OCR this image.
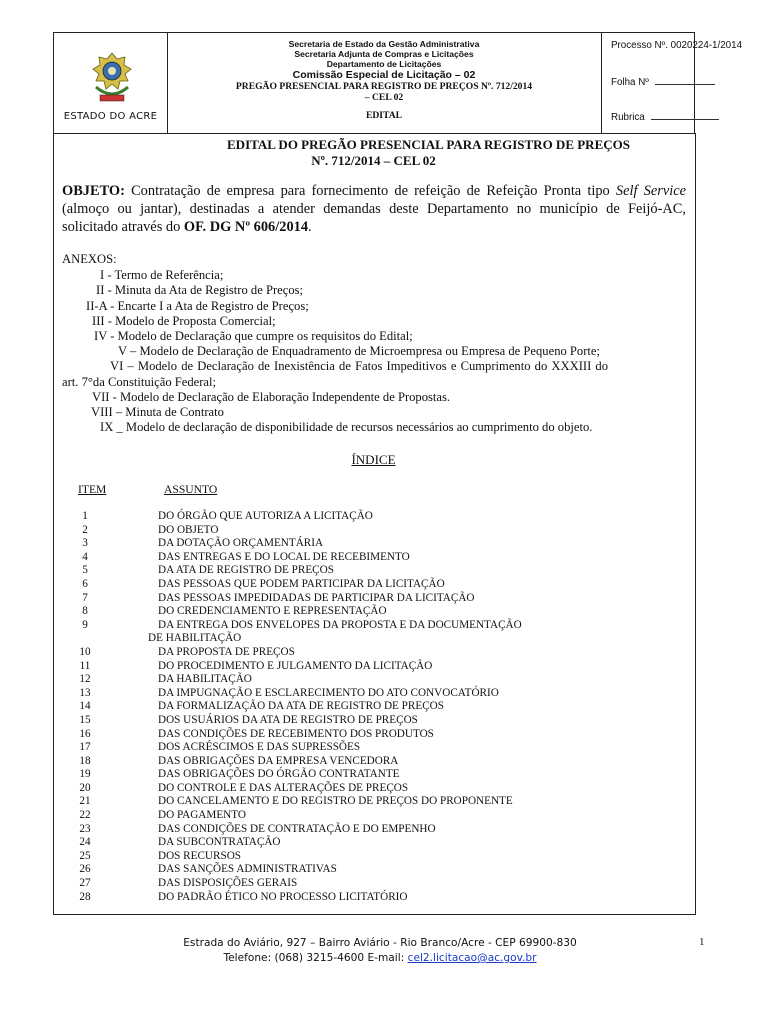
ESTADO DO ACRE
Secretaria de Estado da Gestão Administrativa
Secretaria Adjunta de Compras e Licitações
Departamento de Licitações
Comissão Especial de Licitação – 02
PREGÃO PRESENCIAL PARA REGISTRO DE PREÇOS Nº. 712/2014
– CEL 02
EDITAL
Processo Nº. 0020224-1/2014
Folha Nº
Rubrica
EDITAL DO PREGÃO PRESENCIAL PARA REGISTRO DE PREÇOS
Nº. 712/2014 – CEL 02
OBJETO: Contratação de empresa para fornecimento de refeição de Refeição Pronta tipo Self Service (almoço ou jantar), destinadas a atender demandas deste Departamento no município de Feijó-AC, solicitado através do OF. DG Nº 606/2014.
ANEXOS:
I - Termo de Referência;
II - Minuta da Ata de Registro de Preços;
II-A - Encarte I a Ata de Registro de Preços;
III - Modelo de Proposta Comercial;
IV - Modelo de Declaração que cumpre os requisitos do Edital;
V – Modelo de Declaração de Enquadramento de Microempresa ou Empresa de Pequeno Porte;
VI – Modelo de Declaração de Inexistência de Fatos Impeditivos e Cumprimento do XXXIII do
art. 7°da Constituição Federal;
VII - Modelo de Declaração de Elaboração Independente de Propostas.
VIII – Minuta de Contrato
IX _ Modelo de declaração de disponibilidade de recursos necessários ao cumprimento do objeto.
ÍNDICE
ITEM	ASSUNTO
1	DO ÓRGÃO QUE AUTORIZA A LICITAÇÃO
2	DO OBJETO
3	DA DOTAÇÃO ORÇAMENTÁRIA
4	DAS ENTREGAS E DO LOCAL DE RECEBIMENTO
5	DA ATA DE REGISTRO DE PREÇOS
6	DAS PESSOAS QUE PODEM PARTICIPAR DA LICITAÇÃO
7	DAS PESSOAS IMPEDIDADAS DE PARTICIPAR DA LICITAÇÃO
8	DO CREDENCIAMENTO E REPRESENTAÇÃO
9	DA ENTREGA DOS ENVELOPES DA PROPOSTA E DA DOCUMENTAÇÃO
DE HABILITAÇÃO
10	DA PROPOSTA DE PREÇOS
11	DO PROCEDIMENTO E JULGAMENTO DA LICITAÇÃO
12	DA HABILITAÇÃO
13	DA IMPUGNAÇÃO E ESCLARECIMENTO DO ATO CONVOCATÓRIO
14	DA FORMALIZAÇÃO DA ATA DE REGISTRO DE PREÇOS
15	DOS USUÁRIOS DA ATA DE REGISTRO DE PREÇOS
16	DAS CONDIÇÕES DE RECEBIMENTO DOS PRODUTOS
17	DOS ACRÉSCIMOS E DAS SUPRESSÕES
18	DAS OBRIGAÇÕES DA EMPRESA VENCEDORA
19	DAS OBRIGAÇÕES DO ÓRGÃO CONTRATANTE
20	DO CONTROLE E DAS ALTERAÇÕES DE PREÇOS
21	DO CANCELAMENTO E DO REGISTRO DE PREÇOS DO PROPONENTE
22	DO PAGAMENTO
23	DAS CONDIÇÕES DE CONTRATAÇÃO E DO EMPENHO
24	DA SUBCONTRATAÇÃO
25	DOS RECURSOS
26	DAS SANÇÕES ADMINISTRATIVAS
27	DAS DISPOSIÇÕES GERAIS
28	DO PADRÃO ÉTICO NO PROCESSO LICITATÓRIO
Estrada do Aviário, 927 – Bairro Aviário - Rio Branco/Acre - CEP 69900-830
Telefone: (068) 3215-4600 E-mail: cel2.licitacao@ac.gov.br
1
